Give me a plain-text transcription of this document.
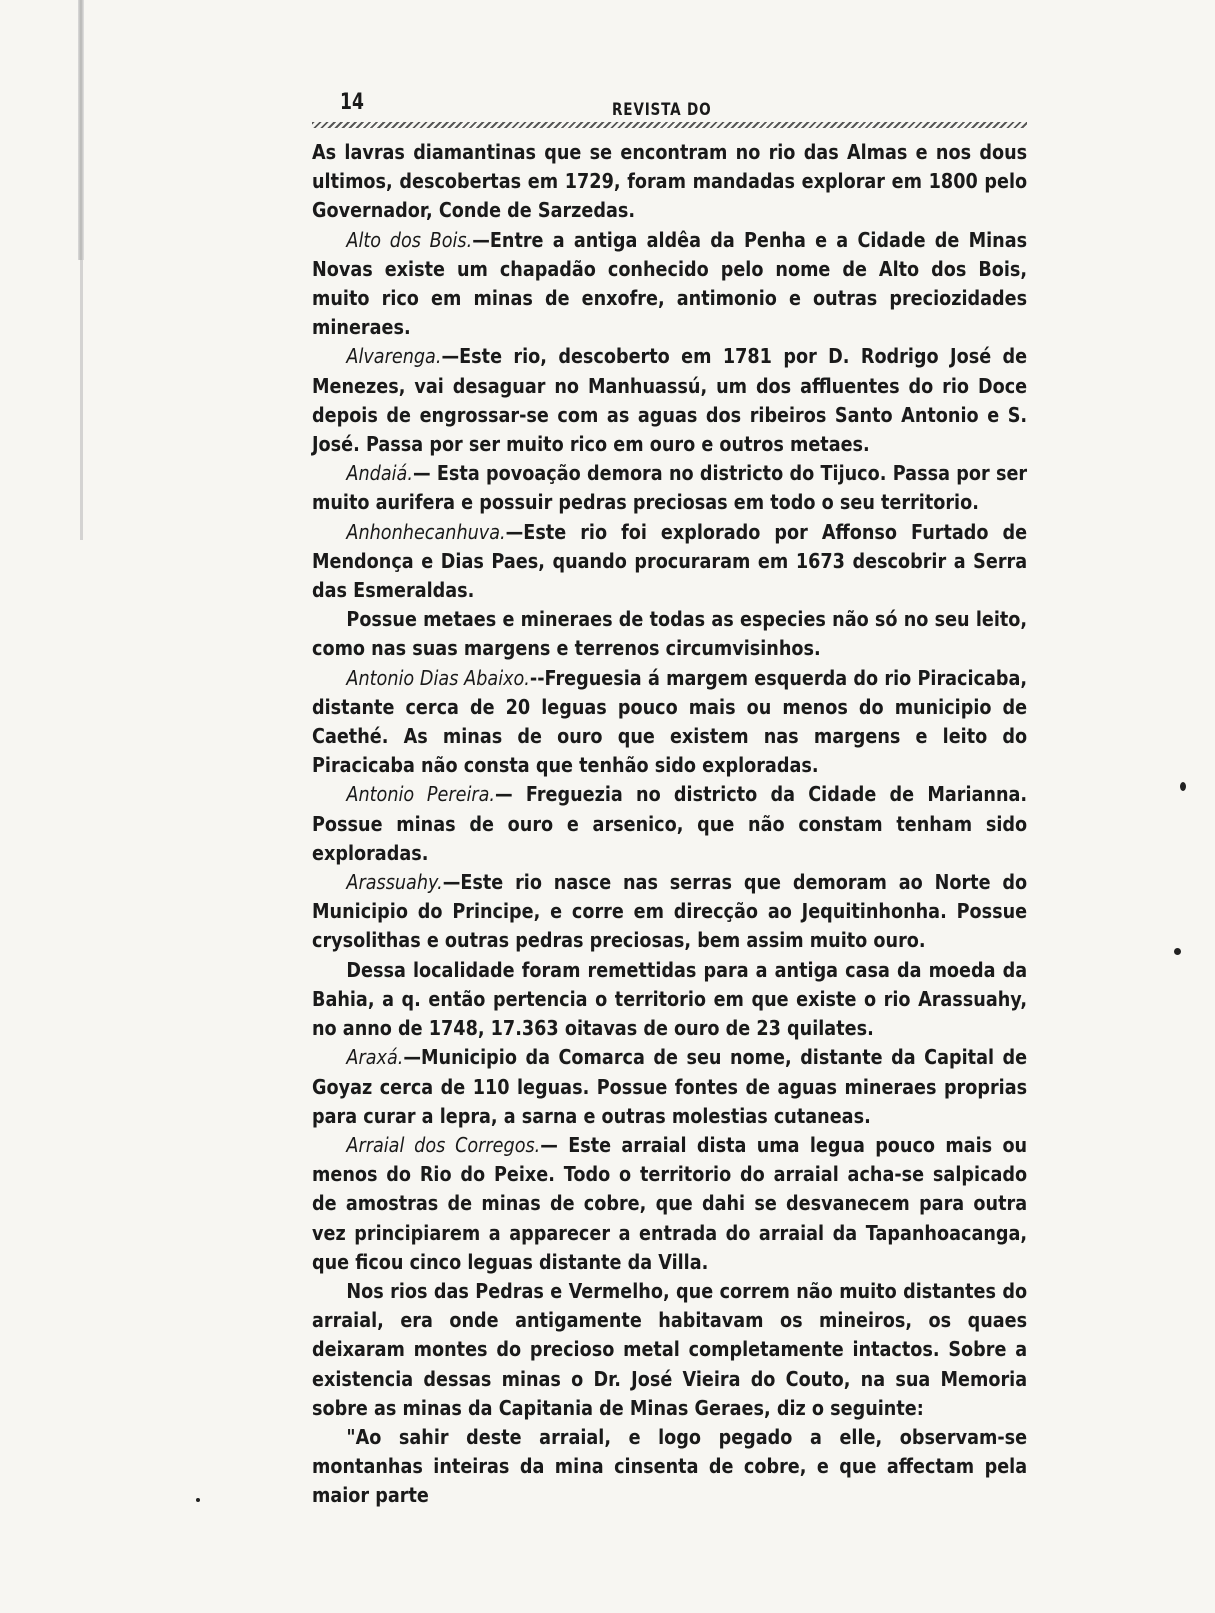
14	REVISTA DO

As lavras diamantinas que se encontram no rio das Almas e nos dous ultimos, descobertas em 1729, foram mandadas explorar em 1800 pelo Governador, Conde de Sarzedas.

Alto dos Bois.—Entre a antiga aldêa da Penha e a Cidade de Minas Novas existe um chapadão conhecido pelo nome de Alto dos Bois, muito rico em minas de enxofre, antimonio e outras preciozidades mineraes.

Alvarenga.—Este rio, descoberto em 1781 por D. Rodrigo José de Menezes, vai desaguar no Manhuassú, um dos affluentes do rio Doce depois de engrossar-se com as aguas dos ribeiros Santo Antonio e S. José. Passa por ser muito rico em ouro e outros metaes.

Andaiá.— Esta povoação demora no districto do Tijuco. Passa por ser muito aurifera e possuir pedras preciosas em todo o seu territorio.

Anhonhecanhuva.—Este rio foi explorado por Affonso Furtado de Mendonça e Dias Paes, quando procuraram em 1673 descobrir a Serra das Esmeraldas.

Possue metaes e mineraes de todas as especies não só no seu leito, como nas suas margens e terrenos circumvisinhos.

Antonio Dias Abaixo.--Freguesia á margem esquerda do rio Piracicaba, distante cerca de 20 leguas pouco mais ou menos do municipio de Caethé. As minas de ouro que existem nas margens e leito do Piracicaba não consta que tenhão sido exploradas.

Antonio Pereira.— Freguezia no districto da Cidade de Marianna. Possue minas de ouro e arsenico, que não constam tenham sido exploradas.

Arassuahy.—Este rio nasce nas serras que demoram ao Norte do Municipio do Principe, e corre em direcção ao Jequitinhonha. Possue crysolithas e outras pedras preciosas, bem assim muito ouro.

Dessa localidade foram remettidas para a antiga casa da moeda da Bahia, a q. então pertencia o territorio em que existe o rio Arassuahy, no anno de 1748, 17.363 oitavas de ouro de 23 quilates.

Araxá.—Municipio da Comarca de seu nome, distante da Capital de Goyaz cerca de 110 leguas. Possue fontes de aguas mineraes proprias para curar a lepra, a sarna e outras molestias cutaneas.

Arraial dos Corregos.— Este arraial dista uma legua pouco mais ou menos do Rio do Peixe. Todo o territorio do arraial acha-se salpicado de amostras de minas de cobre, que dahi se desvanecem para outra vez principiarem a apparecer a entrada do arraial da Tapanhoacanga, que ficou cinco leguas distante da Villa.

Nos rios das Pedras e Vermelho, que correm não muito distantes do arraial, era onde antigamente habitavam os mineiros, os quaes deixaram montes do precioso metal completamente intactos. Sobre a existencia dessas minas o Dr. José Vieira do Couto, na sua Memoria sobre as minas da Capitania de Minas Geraes, diz o seguinte:

"Ao sahir deste arraial, e logo pegado a elle, observam-se montanhas inteiras da mina cinsenta de cobre, e que affectam pela maior parte
